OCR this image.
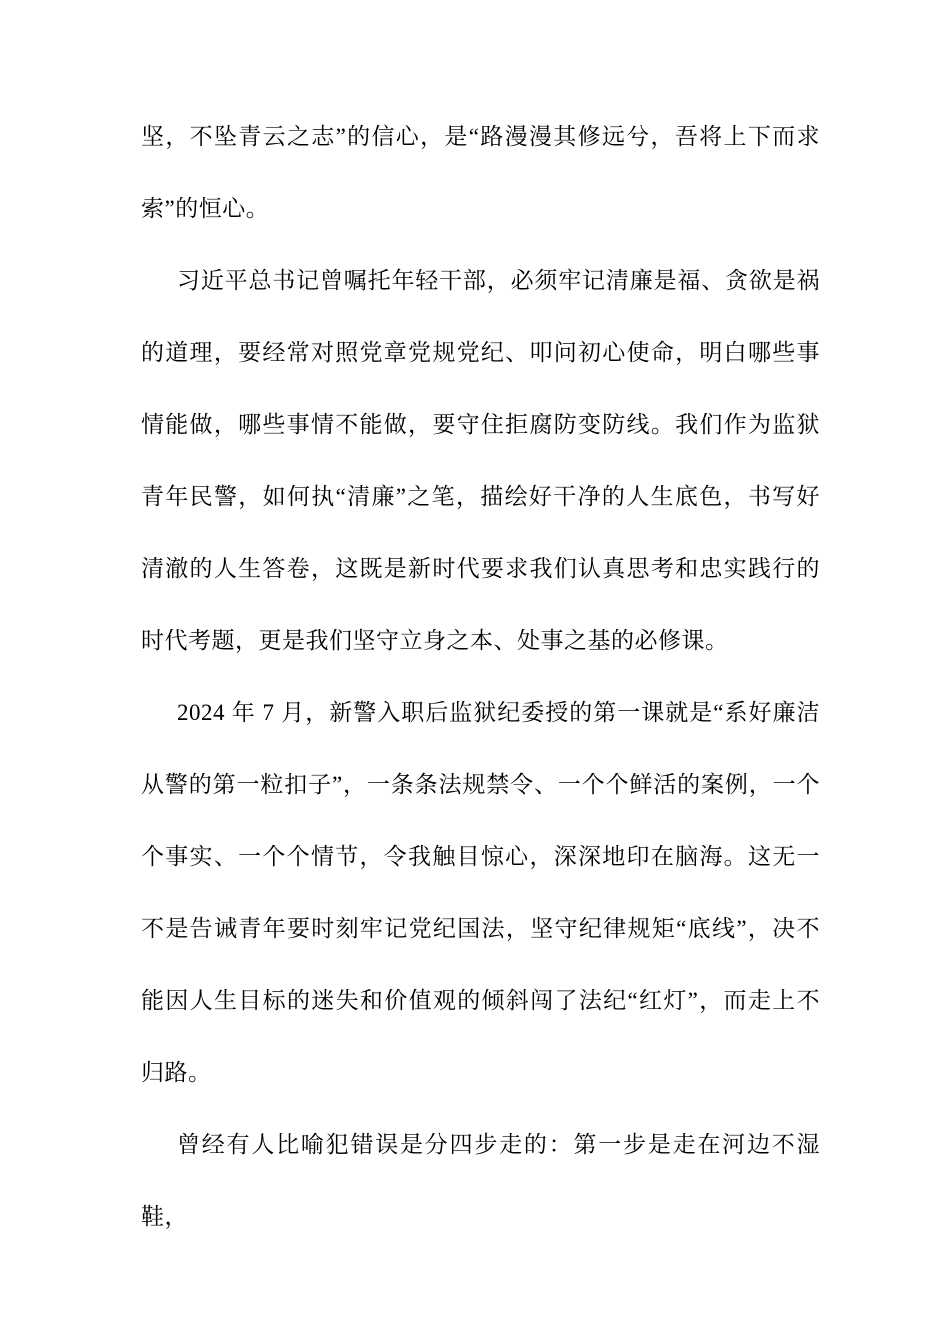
坚，不坠青云之志”的信心，是“路漫漫其修远兮，吾将上下而求索”的恒心。

习近平总书记曾嘱托年轻干部，必须牢记清廉是福、贪欲是祸的道理，要经常对照党章党规党纪、叩问初心使命，明白哪些事情能做，哪些事情不能做，要守住拒腐防变防线。我们作为监狱青年民警，如何执“清廉”之笔，描绘好干净的人生底色，书写好清澈的人生答卷，这既是新时代要求我们认真思考和忠实践行的时代考题，更是我们坚守立身之本、处事之基的必修课。

2024 年 7 月，新警入职后监狱纪委授的第一课就是“系好廉洁从警的第一粒扣子”，一条条法规禁令、一个个鲜活的案例，一个个事实、一个个情节，令我触目惊心，深深地印在脑海。这无一不是告诫青年要时刻牢记党纪国法，坚守纪律规矩“底线”，决不能因人生目标的迷失和价值观的倾斜闯了法纪“红灯”，而走上不归路。

曾经有人比喻犯错误是分四步走的：第一步是走在河边不湿鞋，
